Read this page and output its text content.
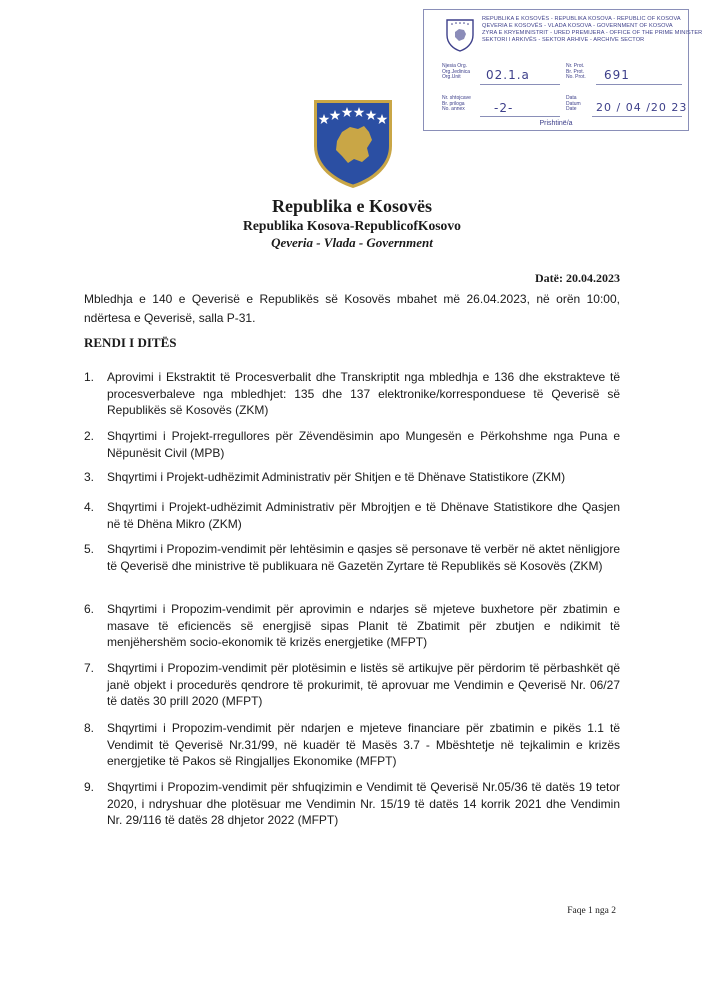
REPUBLIKA E KOSOVËS - REPUBLIKA KOSOVA - REPUBLIC OF KOSOVA
QEVERIA E KOSOVËS - VLADA KOSOVA - GOVERNMENT OF KOSOVA
ZYRA E KRYEMINISTRIT - URED PREMIJERA - OFFICE OF THE PRIME MINISTER
SEKTORI I ARKIVËS - SEKTOR ARHIVE - ARCHIVE SECTOR
Njesia Org.
Org.Jedinica
Org.Unit	02.1.a
Nr. Prot.
Br. Prot.
No. Prot. 691
Nr. shtojcave
Br. priloga
No. annex	-2-
Data
Datum
Date	20 / 04 /20 23
Prishtinë/a
Republika e Kosovës
Republika Kosova-RepublicofKosovo
Qeveria - Vlada - Government
Datë: 20.04.2023
Mbledhja e 140 e Qeverisë e Republikës së Kosovës mbahet më 26.04.2023, në orën 10:00, ndërtesa e Qeverisë, salla P-31.
RENDI I DITËS
1.	Aprovimi i Ekstraktit të Procesverbalit dhe Transkriptit nga mbledhja e 136 dhe ekstrakteve të procesverbaleve nga mbledhjet: 135 dhe 137 elektronike/korresponduese të Qeverisë së Republikës së Kosovës (ZKM)
2.	Shqyrtimi i Projekt-rregullores për Zëvendësimin apo Mungesën e Përkohshme nga Puna e Nëpunësit Civil (MPB)
3.	Shqyrtimi i Projekt-udhëzimit Administrativ për Shitjen e të Dhënave Statistikore (ZKM)
4.	Shqyrtimi i Projekt-udhëzimit Administrativ për Mbrojtjen e të Dhënave Statistikore dhe Qasjen në të Dhëna Mikro (ZKM)
5.	Shqyrtimi i Propozim-vendimit për lehtësimin e qasjes së personave të verbër në aktet nënligjore të Qeverisë dhe ministrive të publikuara në Gazetën Zyrtare të Republikës së Kosovës (ZKM)
6.	Shqyrtimi i Propozim-vendimit për aprovimin e ndarjes së mjeteve buxhetore për zbatimin e masave të eficiencës së energjisë sipas Planit të Zbatimit për zbutjen e ndikimit të menjëhershëm socio-ekonomik të krizës energjetike (MFPT)
7.	Shqyrtimi i Propozim-vendimit për plotësimin e listës së artikujve për përdorim të përbashkët që janë objekt i procedurës qendrore të prokurimit, të aprovuar me Vendimin e Qeverisë Nr. 06/27 të datës 30 prill 2020 (MFPT)
8.	Shqyrtimi i Propozim-vendimit për ndarjen e mjeteve financiare për zbatimin e pikës 1.1 të Vendimit të Qeverisë Nr.31/99, në kuadër të Masës 3.7 - Mbështetje në tejkalimin e krizës energjetike të Pakos së Ringjalljes Ekonomike (MFPT)
9.	Shqyrtimi i Propozim-vendimit për shfuqizimin e Vendimit të Qeverisë Nr.05/36 të datës 19 tetor 2020, i ndryshuar dhe plotësuar me Vendimin Nr. 15/19 të datës 14 korrik 2021 dhe Vendimin Nr. 29/116 të datës 28 dhjetor 2022 (MFPT)
Faqe 1 nga 2
